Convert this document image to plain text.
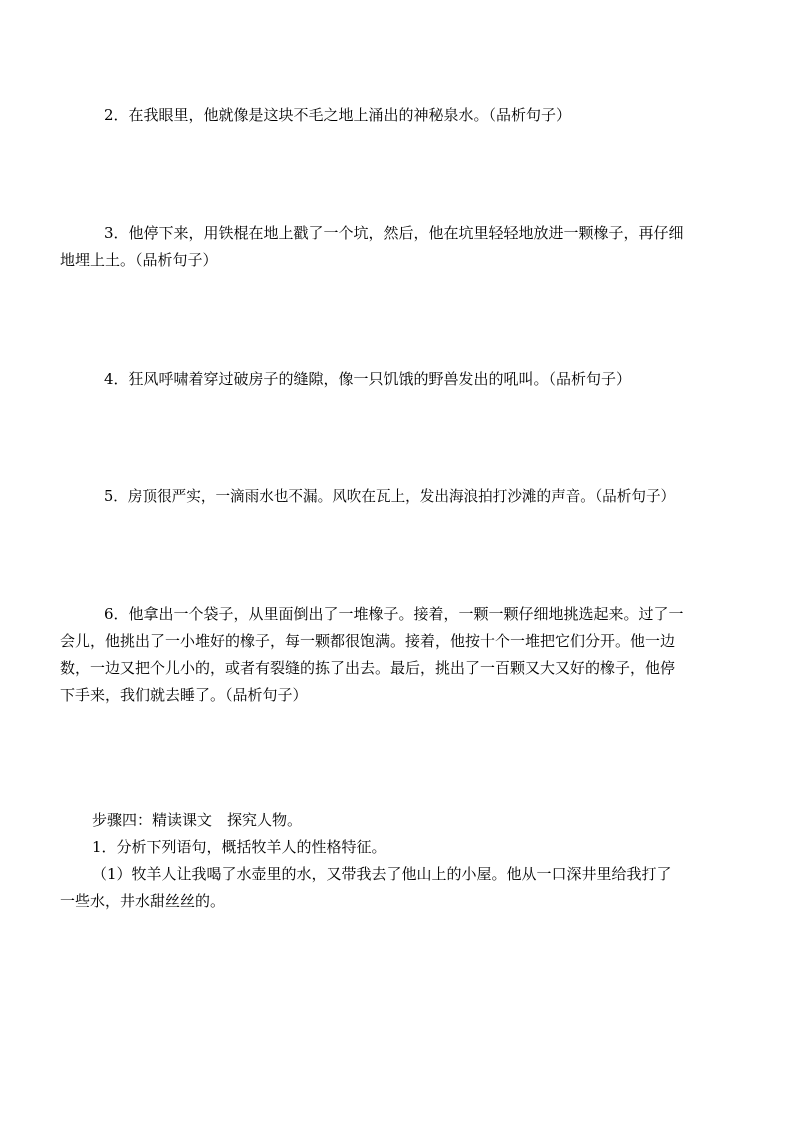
2．在我眼里，他就像是这块不毛之地上涌出的神秘泉水。（品析句子）
3．他停下来，用铁棍在地上戳了一个坑，然后，他在坑里轻轻地放进一颗橡子，再仔细
地埋上土。（品析句子）
4．狂风呼啸着穿过破房子的缝隙，像一只饥饿的野兽发出的吼叫。（品析句子）
5．房顶很严实，一滴雨水也不漏。风吹在瓦上，发出海浪拍打沙滩的声音。（品析句子）
6．他拿出一个袋子，从里面倒出了一堆橡子。接着，一颗一颗仔细地挑选起来。过了一
会儿，他挑出了一小堆好的橡子，每一颗都很饱满。接着，他按十个一堆把它们分开。他一边
数，一边又把个儿小的，或者有裂缝的拣了出去。最后，挑出了一百颗又大又好的橡子，他停
下手来，我们就去睡了。（品析句子）
步骤四：精读课文　探究人物。
1．分析下列语句，概括牧羊人的性格特征。
（1）牧羊人让我喝了水壶里的水，又带我去了他山上的小屋。他从一口深井里给我打了
一些水，井水甜丝丝的。
